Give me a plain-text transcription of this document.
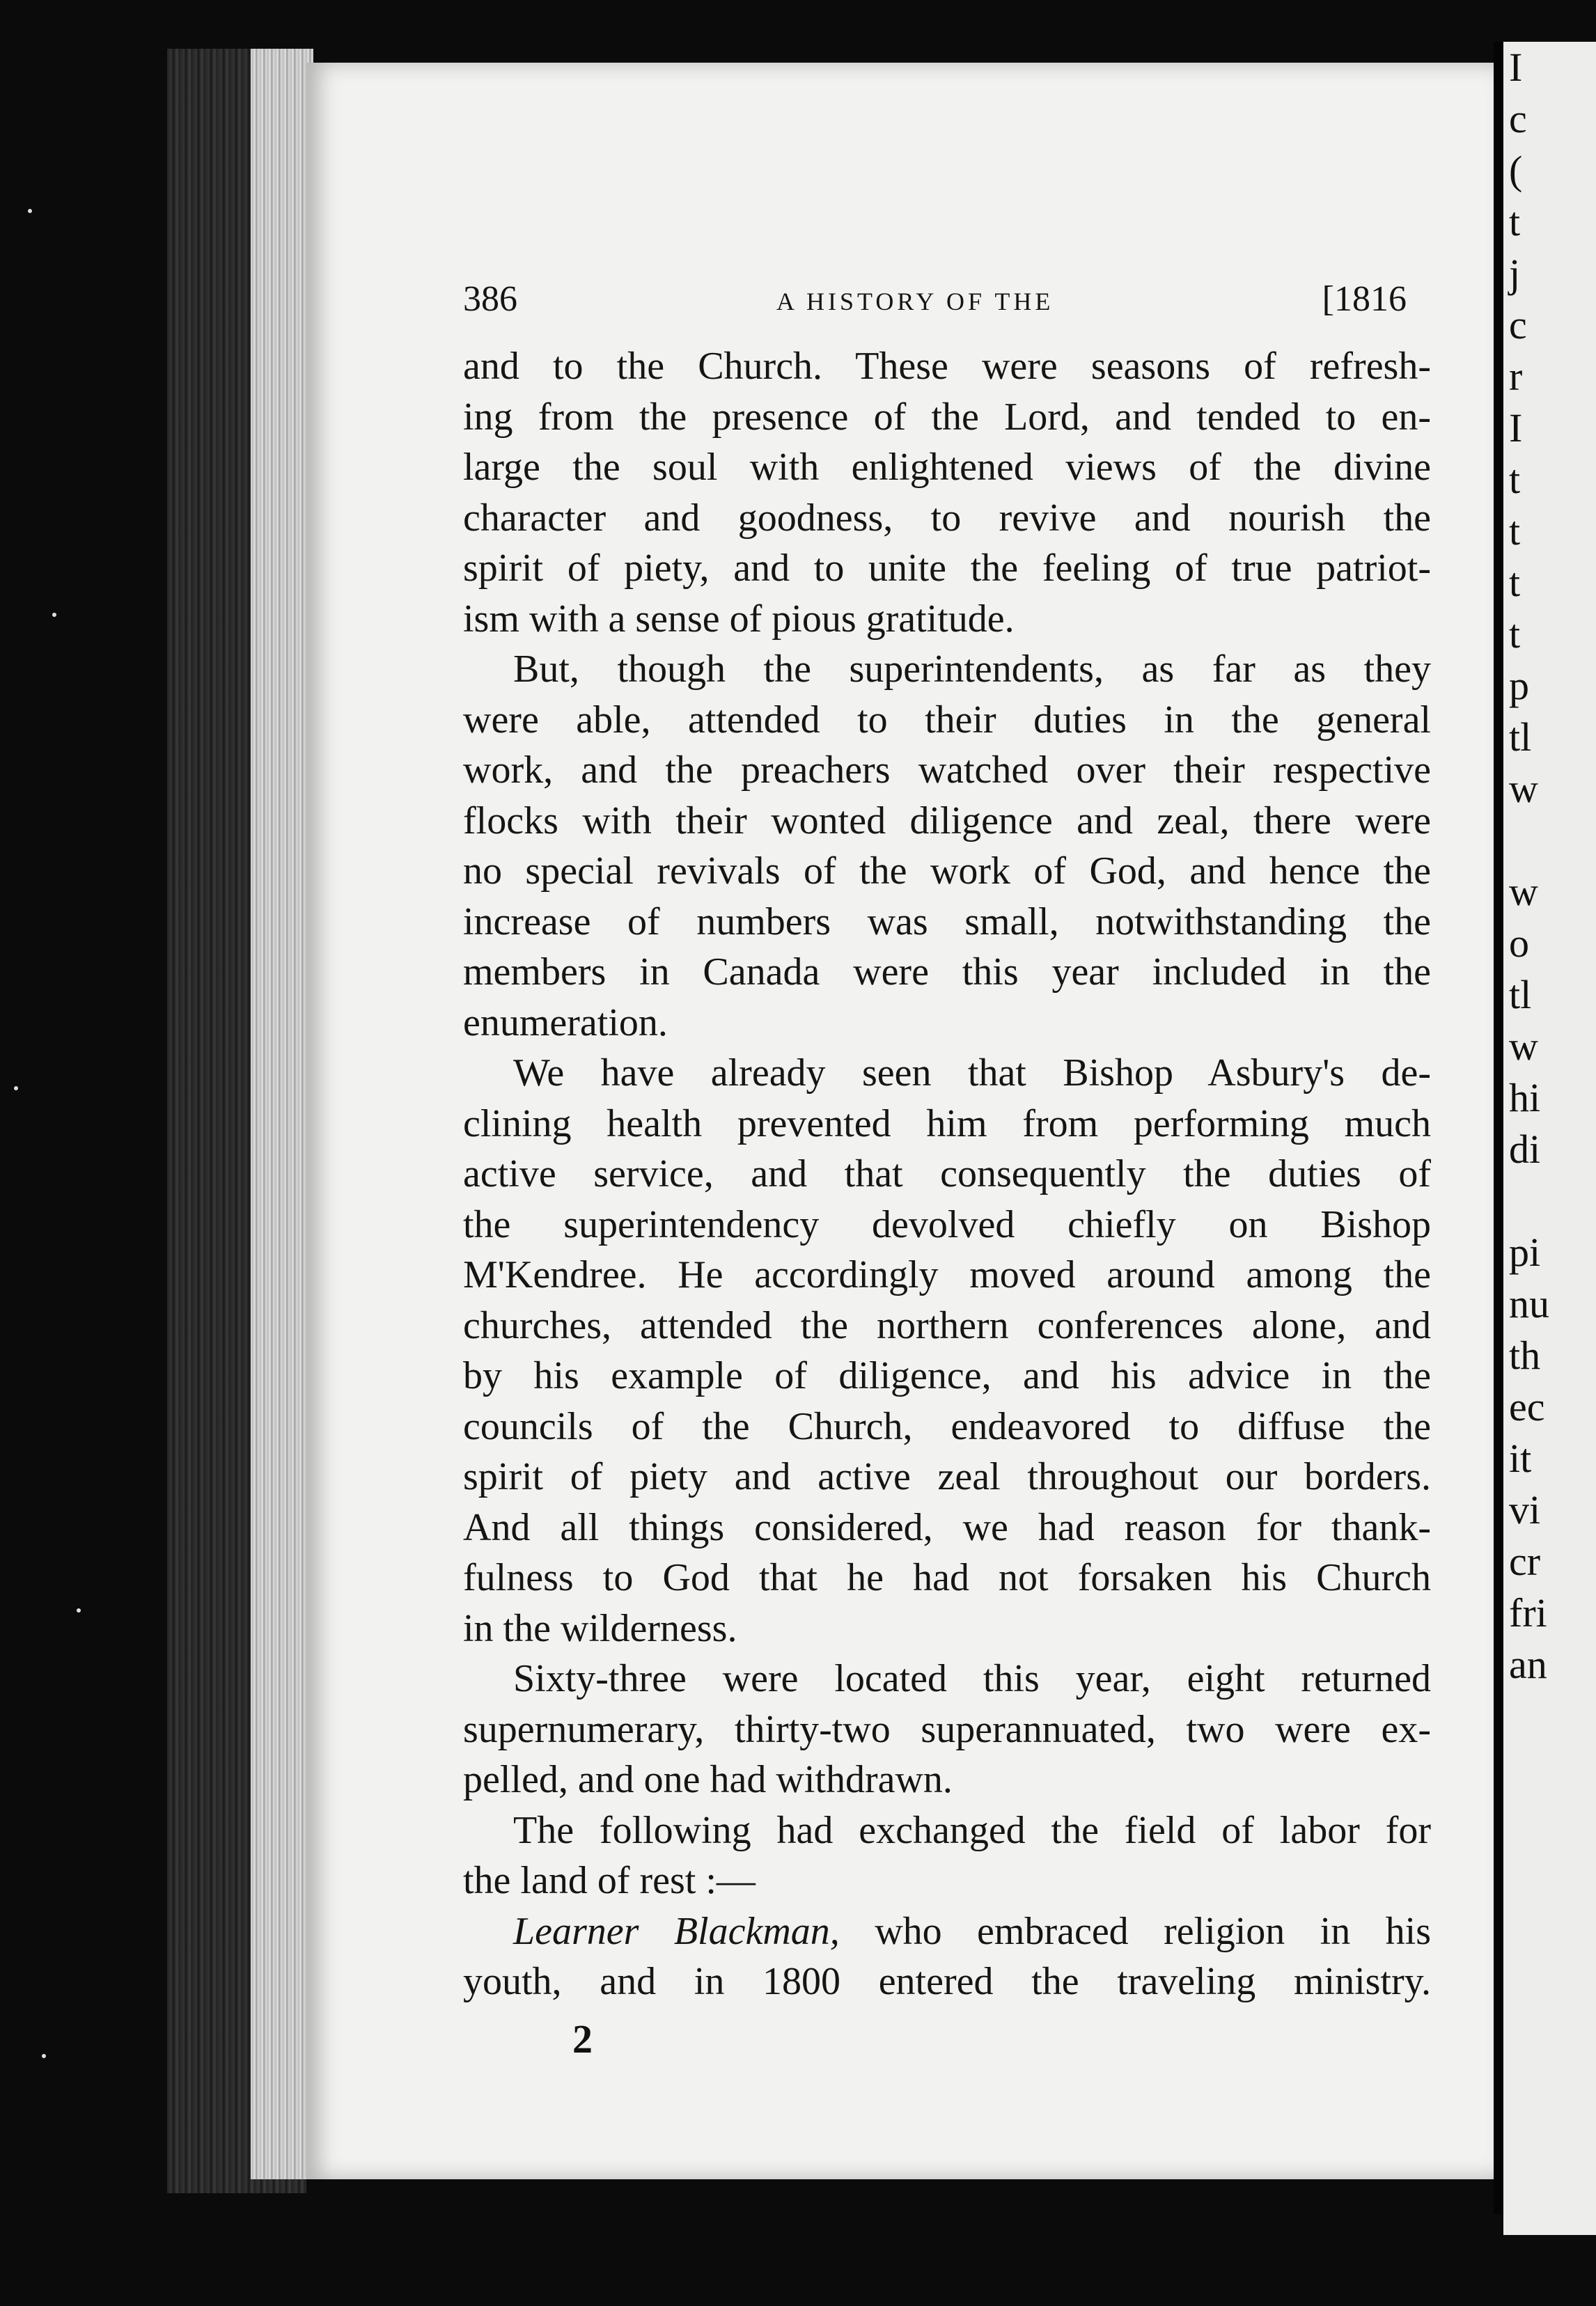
I
c
(
t
j
c
r
I
t
t
t
t
p
tl
w
w
o
tl
w
hi
di
pi
nu
th
ec
it
vi
cr
fri
an
386	A HISTORY OF THE	[1816
and to the Church. These were seasons of refresh-
ing from the presence of the Lord, and tended to en-
large the soul with enlightened views of the divine
character and goodness, to revive and nourish the
spirit of piety, and to unite the feeling of true patriot-
ism with a sense of pious gratitude.
But, though the superintendents, as far as they
were able, attended to their duties in the general
work, and the preachers watched over their respective
flocks with their wonted diligence and zeal, there were
no special revivals of the work of God, and hence the
increase of numbers was small, notwithstanding the
members in Canada were this year included in the
enumeration.
We have already seen that Bishop Asbury's de-
clining health prevented him from performing much
active service, and that consequently the duties of
the superintendency devolved chiefly on Bishop
M'Kendree. He accordingly moved around among the
churches, attended the northern conferences alone, and
by his example of diligence, and his advice in the
councils of the Church, endeavored to diffuse the
spirit of piety and active zeal throughout our borders.
And all things considered, we had reason for thank-
fulness to God that he had not forsaken his Church
in the wilderness.
Sixty-three were located this year, eight returned
supernumerary, thirty-two superannuated, two were ex-
pelled, and one had withdrawn.
The following had exchanged the field of labor for
the land of rest :—
Learner Blackman, who embraced religion in his
youth, and in 1800 entered the traveling ministry.
2
